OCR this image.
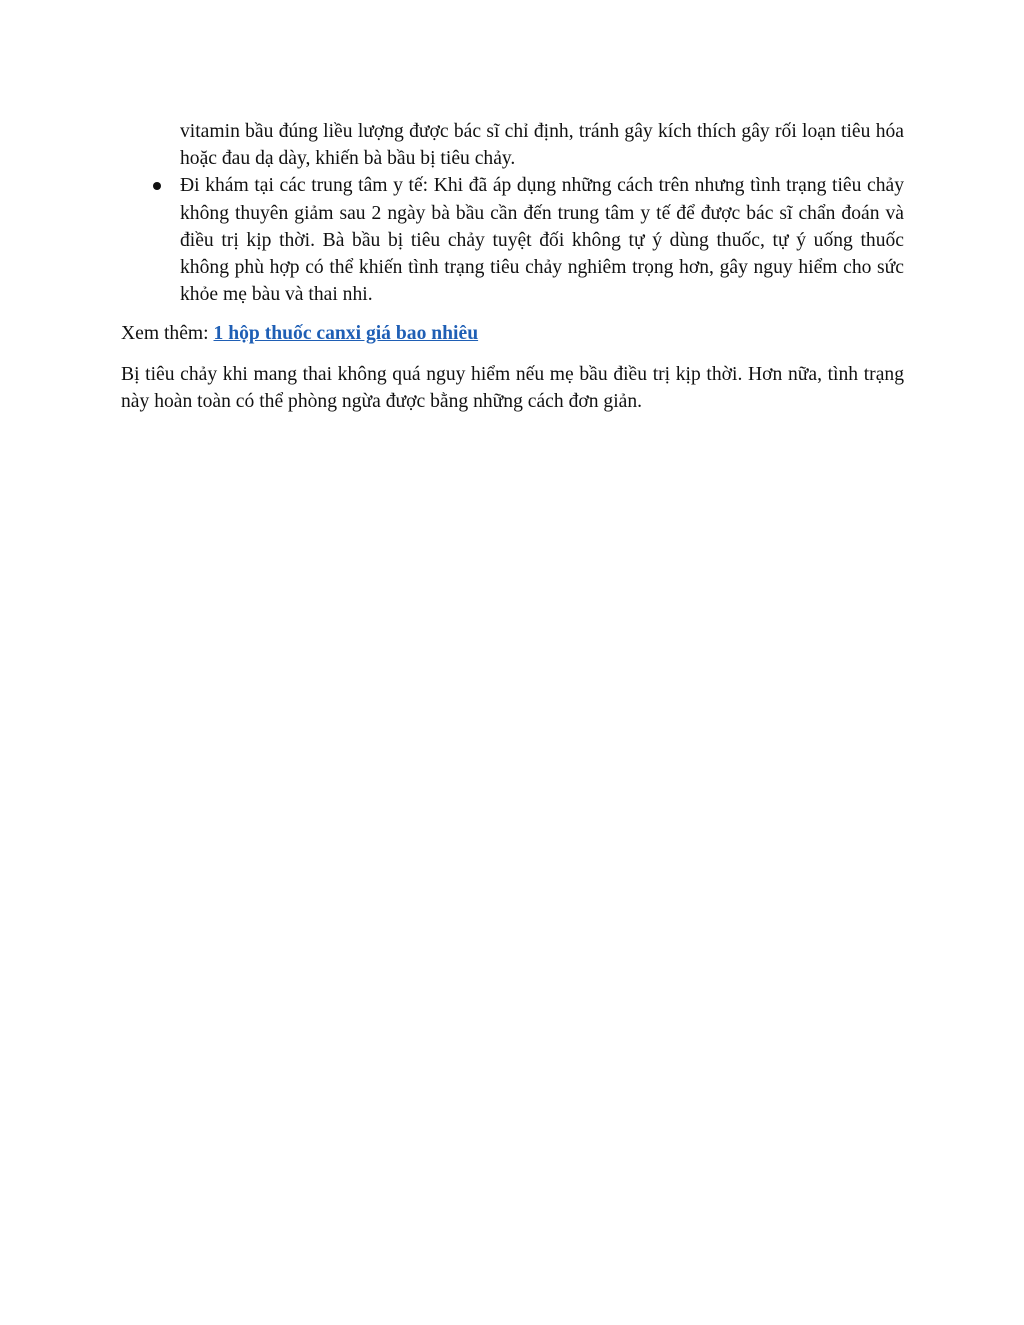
vitamin bầu đúng liều lượng được bác sĩ chỉ định, tránh gây kích thích gây rối loạn tiêu hóa hoặc đau dạ dày, khiến bà bầu bị tiêu chảy.

Đi khám tại các trung tâm y tế: Khi đã áp dụng những cách trên nhưng tình trạng tiêu chảy không thuyên giảm sau 2 ngày bà bầu cần đến trung tâm y tế để được bác sĩ chẩn đoán và điều trị kịp thời. Bà bầu bị tiêu chảy tuyệt đối không tự ý dùng thuốc, tự ý uống thuốc không phù hợp có thể khiến tình trạng tiêu chảy nghiêm trọng hơn, gây nguy hiểm cho sức khỏe mẹ bàu và thai nhi.

Xem thêm: 1 hộp thuốc canxi giá bao nhiêu

Bị tiêu chảy khi mang thai không quá nguy hiểm nếu mẹ bầu điều trị kịp thời. Hơn nữa, tình trạng này hoàn toàn có thể phòng ngừa được bằng những cách đơn giản.
